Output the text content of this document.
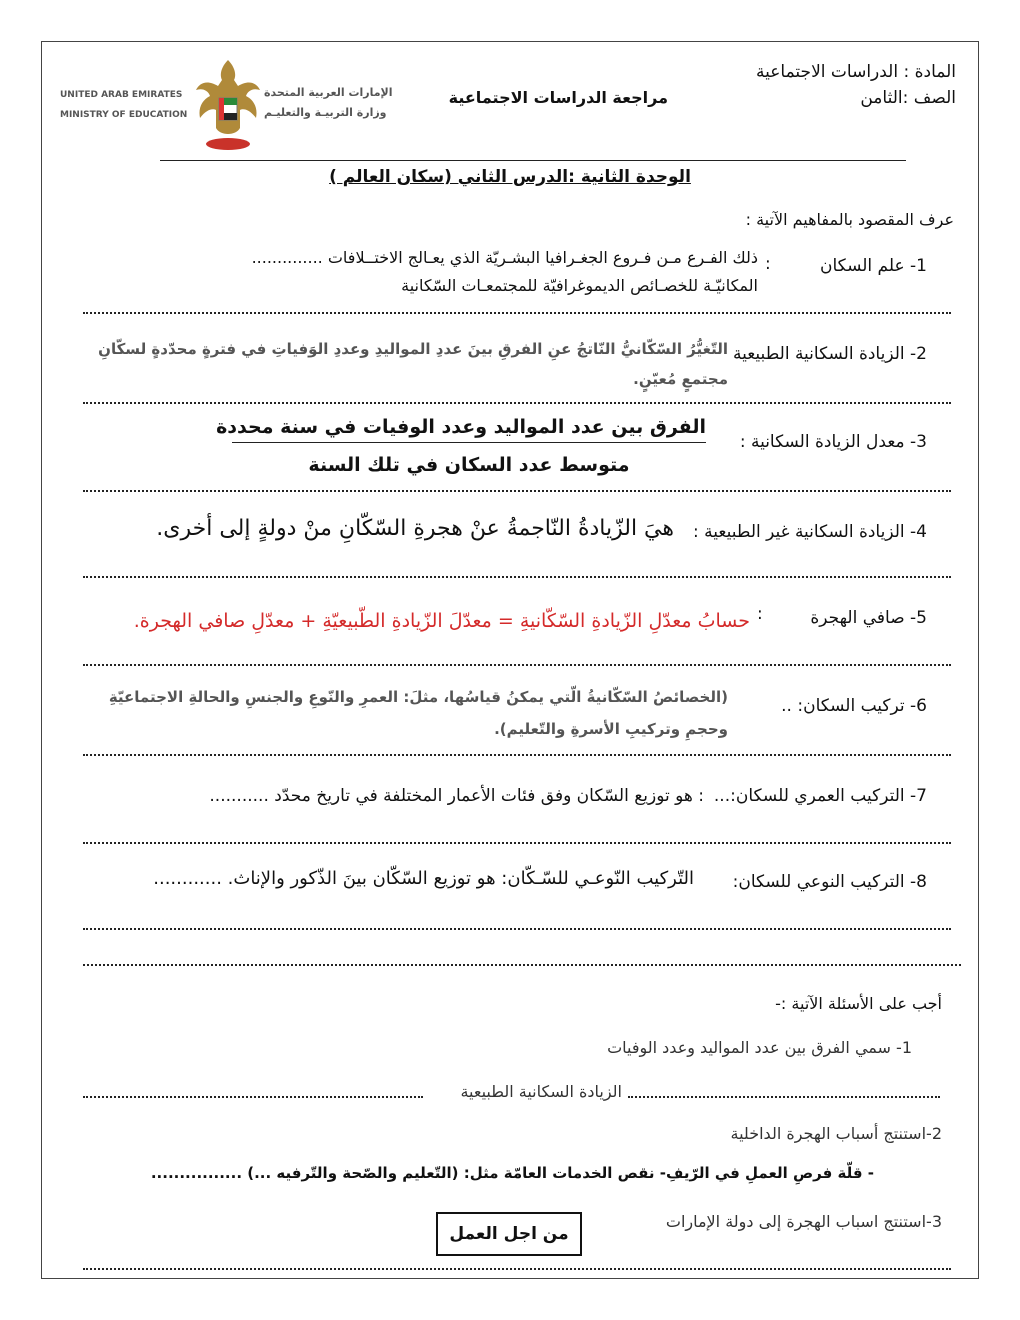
المادة : الدراسات الاجتماعية
الصف :الثامن
مراجعة الدراسات الاجتماعية
UNITED ARAB EMIRATES
MINISTRY OF EDUCATION
الإمارات العربية المتحدة
وزارة التربيـة والتعليـم
الوحدة الثانية :الدرس الثاني (سكان العالم )
عرف المقصود بالمفاهيم الآتية :
1- علم السكان
:
ذلك الفـرع مـن فـروع الجغـرافيا البشـريّة الذي يعـالج الاختــلافات ..............
المكانيّـة للخصـائص الديموغرافيّة للمجتمعـات السّكانية
2- الزيادة السكانية الطبيعية
التّغيُّرُ السّكّانيُّ النّاتجُ عنِ الفرقِ بينَ عددِ المواليدِ وعددِ الوَفياتِ في فترةٍ محدّدةٍ لسكّانِ
مجتمعٍ مُعيّنٍ.
3- معدل الزيادة السكانية :
الفرق بين عدد المواليد وعدد الوفيات في سنة محددة
متوسط عدد السكان في تلك السنة
4- الزيادة السكانية غير الطبيعية :
هيَ الزّيادةُ النّاجمةُ عنْ هجرةِ السّكّانِ منْ دولةٍ إلى أخرى.
5- صافي الهجرة
:
حسابُ معدّلِ الزّيادةِ السّكّانيةِ = معدّلَ الزّيادةِ الطّبيعيّةِ + معدّلِ صافي الهجرة.
6- تركيب السكان: ..
(الخصائصُ السّكّانيةُ الّتي يمكنُ قياسُها، مثلَ: العمرِ والنّوعِ والجنسِ والحالةِ الاجتماعيّةِ
وحجمِ وتركيبِ الأسرةِ والتّعليم).
7- التركيب العمري للسكان:...
: هو توزيع السّكان وفق فئات الأعمار المختلفة في تاريخ محدّد ...........
8- التركيب النوعي للسكان:
التّركيب النّوعـي للسّـكّان: هو توزيع السّكّان بينَ الذّكور والإناث. ............
أجب على الأسئلة الآتية :-
1- سمي الفرق بين عدد المواليد وعدد الوفيات
الزيادة السكانية الطبيعية
2-استنتج أسباب الهجرة الداخلية
- قلّة فرصِ العملِ في الرّيفِ- نقص الخدمات العامّة مثل: (التّعليم والصّحة والتّرفيه ...) ................
3-استنتج اسباب الهجرة إلى دولة الإمارات
من اجل العمل
